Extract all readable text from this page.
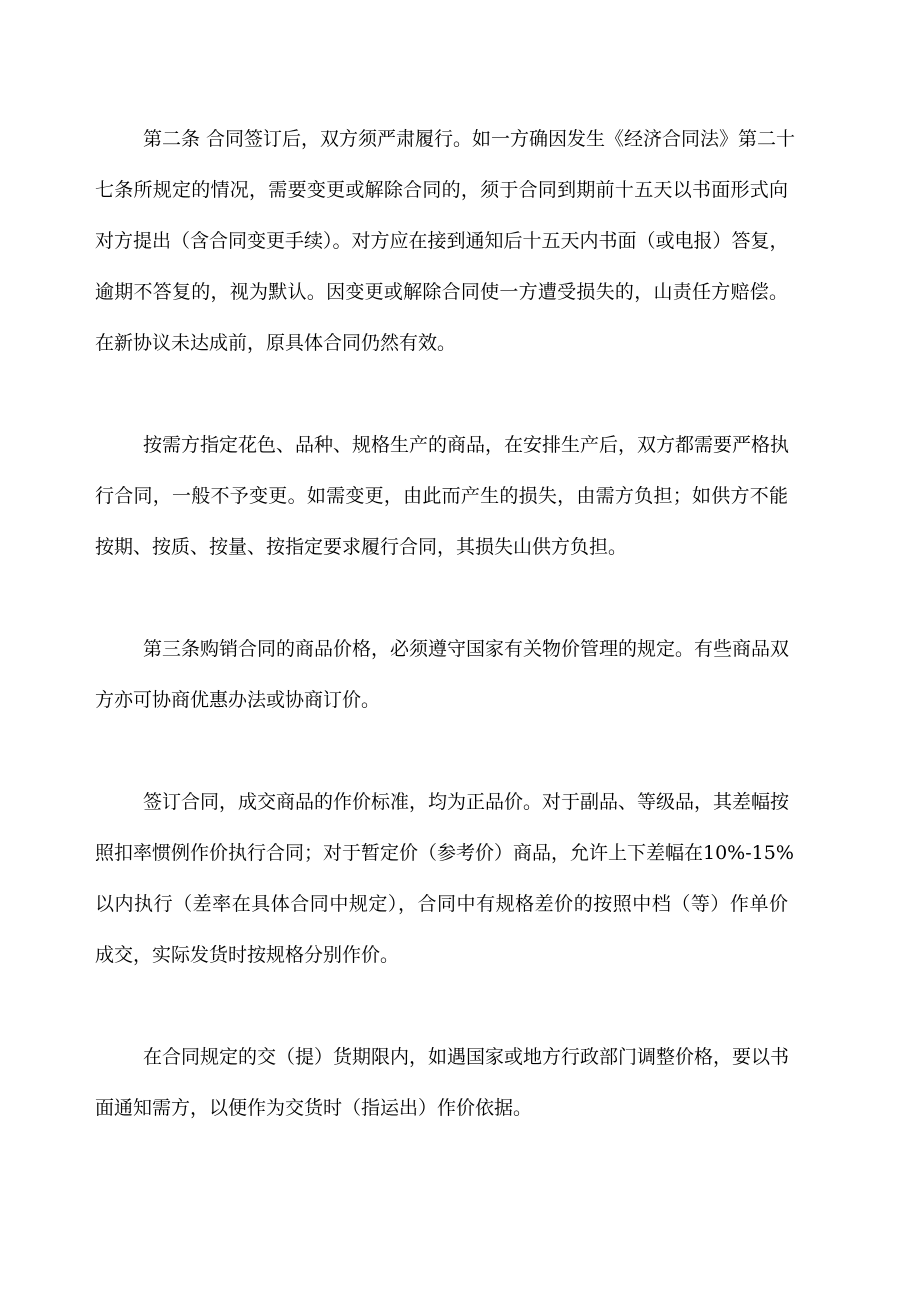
第二条 合同签订后，双方须严肃履行。如一方确因发生《经济合同法》第二十
七条所规定的情况，需要变更或解除合同的，须于合同到期前十五天以书面形式向
对方提出（含合同变更手续）。对方应在接到通知后十五天内书面（或电报）答复，
逾期不答复的，视为默认。因变更或解除合同使一方遭受损失的，山责任方赔偿。
在新协议未达成前，原具体合同仍然有效。
按需方指定花色、品种、规格生产的商品，在安排生产后，双方都需要严格执
行合同，一般不予变更。如需变更，由此而产生的损失，由需方负担；如供方不能
按期、按质、按量、按指定要求履行合同，其损失山供方负担。
第三条购销合同的商品价格，必须遵守国家有关物价管理的规定。有些商品双
方亦可协商优惠办法或协商订价。
签订合同，成交商品的作价标准，均为正品价。对于副品、等级品，其差幅按
照扣率惯例作价执行合同；对于暂定价（参考价）商品，允许上下差幅在10%-15%
以内执行（差率在具体合同中规定），合同中有规格差价的按照中档（等）作单价
成交，实际发货时按规格分别作价。
在合同规定的交（提）货期限内，如遇国家或地方行政部门调整价格，要以书
面通知需方，以便作为交货时（指运出）作价依据。
